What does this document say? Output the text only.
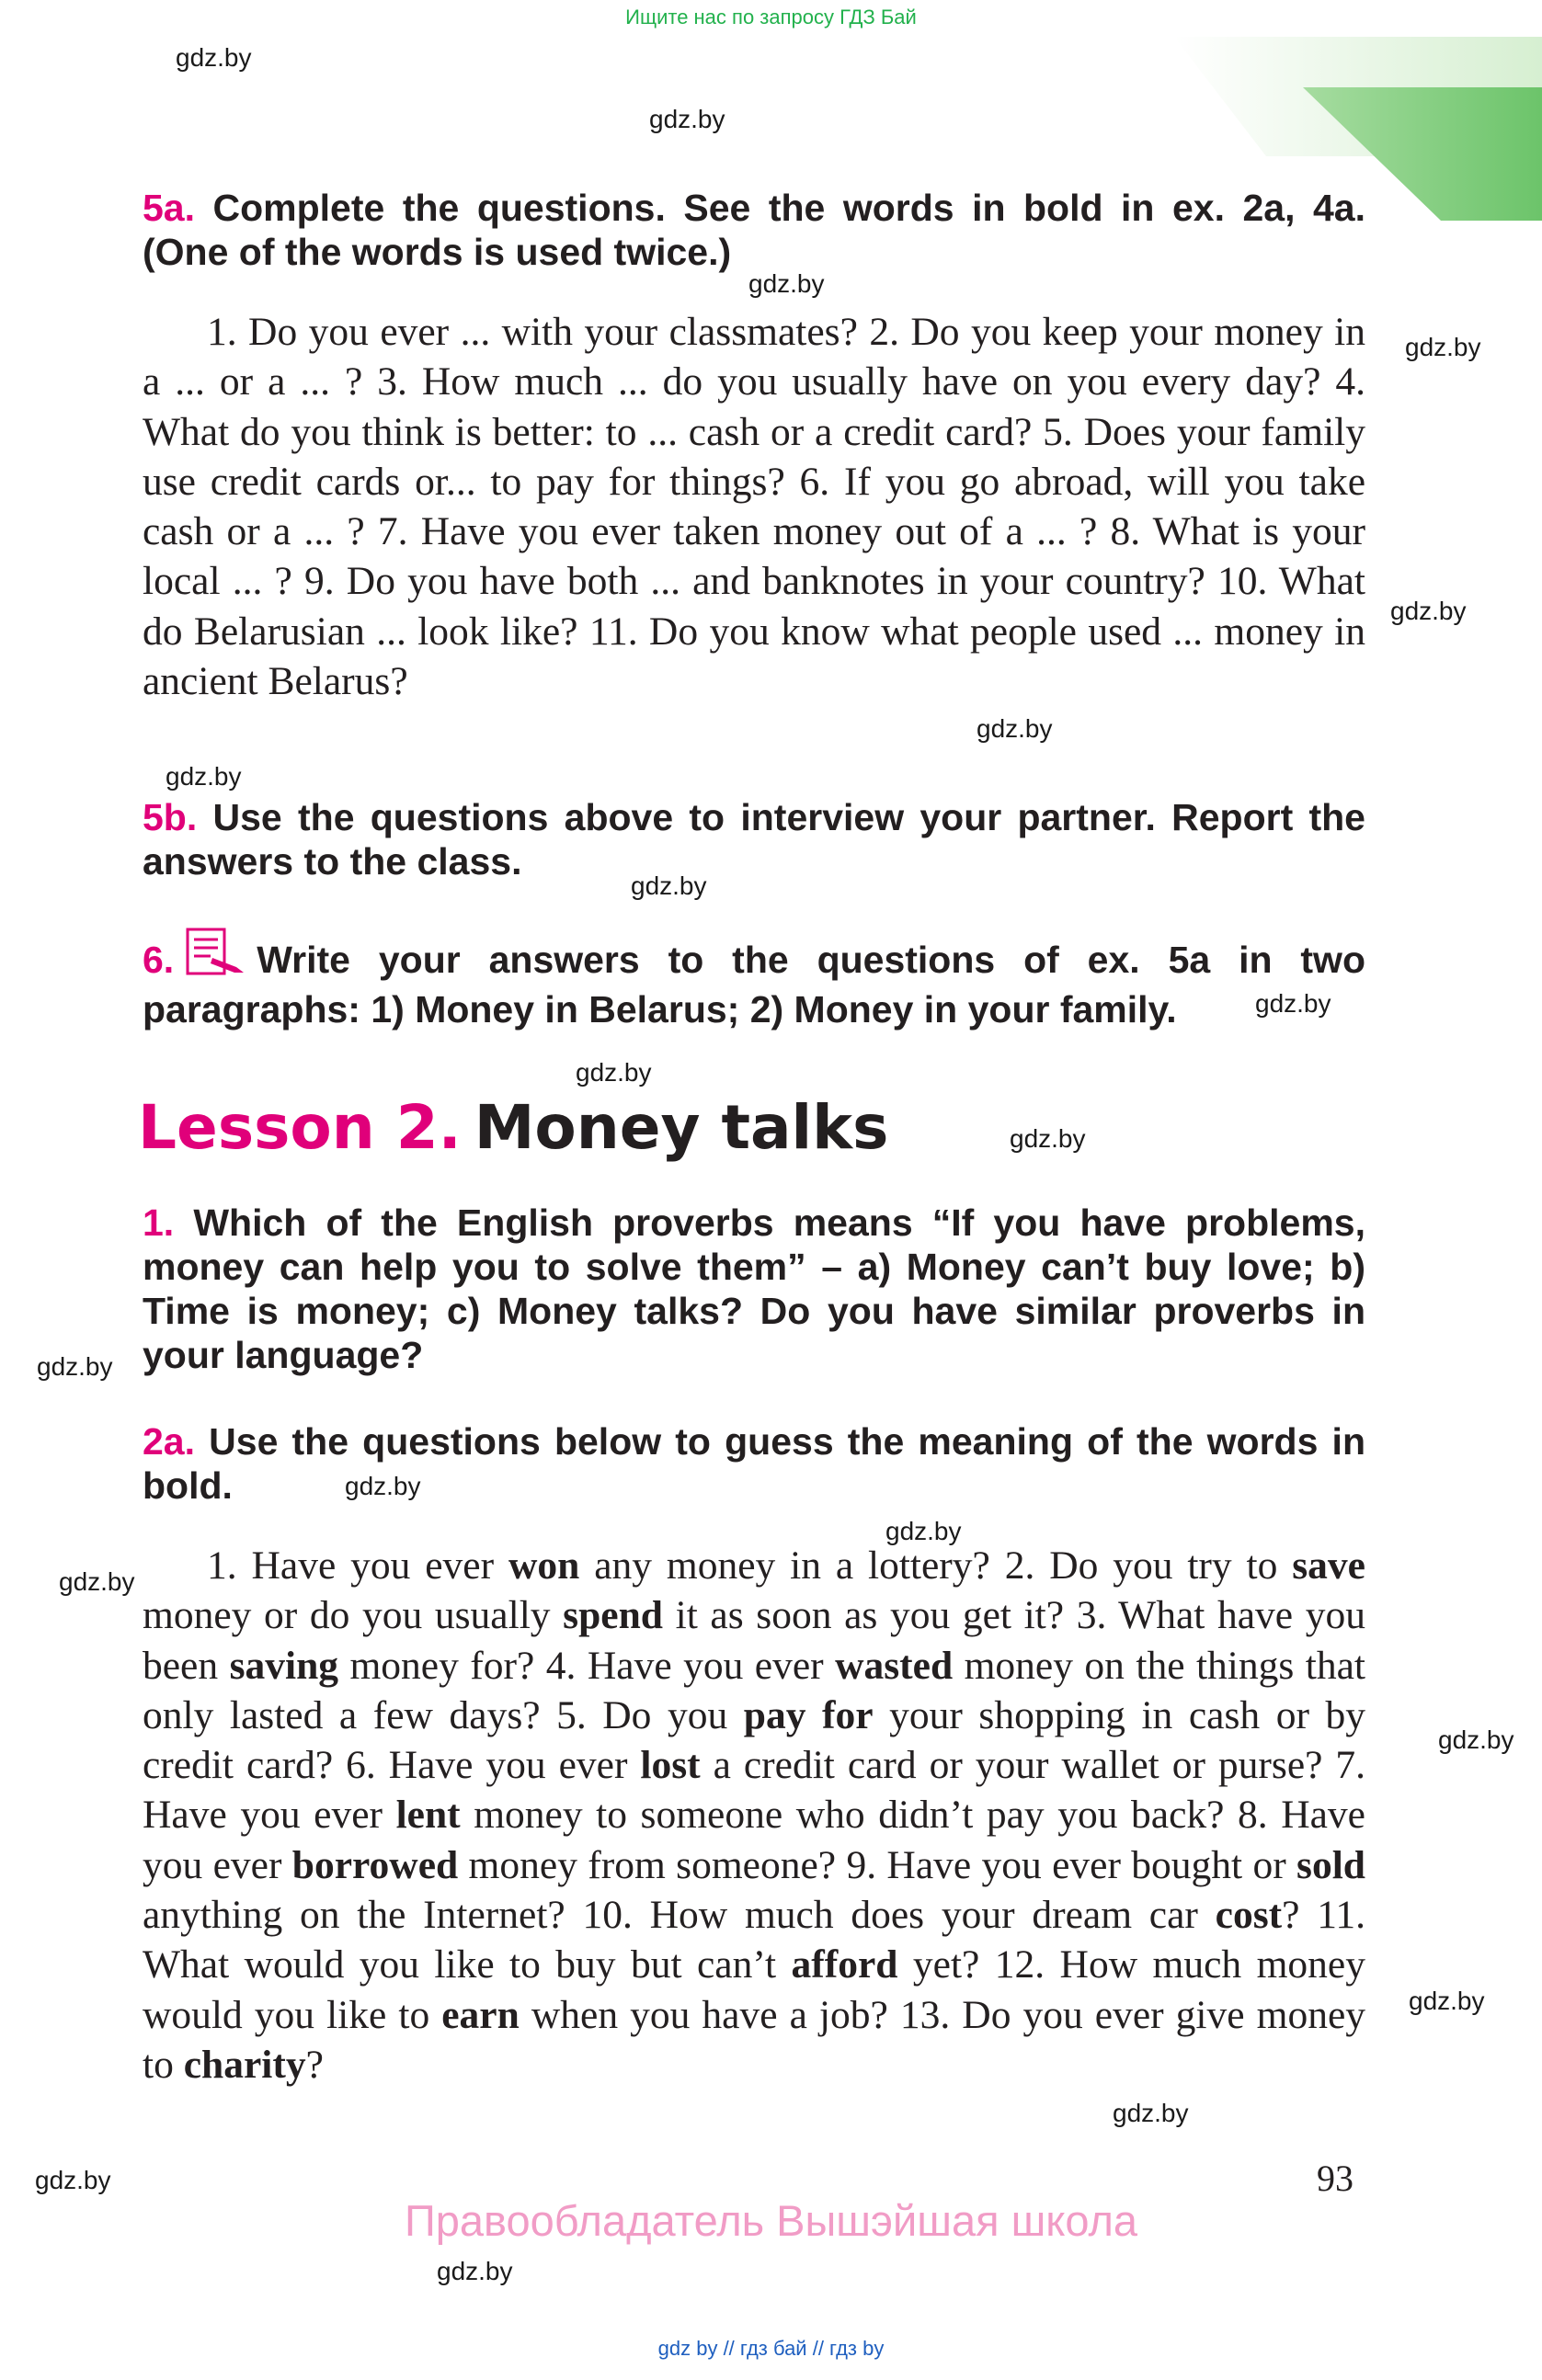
Ищите нас по запросу ГДЗ Бай
gdz.by
gdz.by
gdz.by
gdz.by
gdz.by
gdz.by
gdz.by
gdz.by
gdz.by
gdz.by
gdz.by
gdz.by
gdz.by
gdz.by
gdz.by
gdz.by
gdz.by
gdz.by
gdz.by
gdz.by
5a. Complete the questions. See the words in bold in ex. 2a, 4a. (One of the words is used twice.)
1. Do you ever ... with your classmates? 2. Do you keep your money in a ... or a ... ? 3. How much ... do you usually have on you every day? 4. What do you think is better: to ... cash or a credit card? 5. Does your family use credit cards or... to pay for things? 6. If you go abroad, will you take cash or a ... ? 7. Have you ever taken money out of a ... ? 8. What is your local ... ? 9. Do you have both ... and banknotes in your country? 10. What do Belarusian ... look like? 11. Do you know what people used ... money in ancient Belarus?
5b. Use the questions above to interview your partner. Report the answers to the class.
6. Write your answers to the questions of ex. 5a in two paragraphs: 1) Money in Belarus; 2) Money in your family.
Lesson 2. Money talks
1. Which of the English proverbs means “If you have problems, money can help you to solve them” – a) Money can’t buy love; b) Time is money; c) Money talks? Do you have similar proverbs in your language?
2a. Use the questions below to guess the meaning of the words in bold.
1. Have you ever won any money in a lottery? 2. Do you try to save money or do you usually spend it as soon as you get it? 3. What have you been saving money for? 4. Have you ever wasted money on the things that only lasted a few days? 5. Do you pay for your shopping in cash or by credit card? 6. Have you ever lost a credit card or your wallet or purse? 7. Have you ever lent money to someone who didn’t pay you back? 8. Have you ever borrowed money from someone? 9. Have you ever bought or sold anything on the Internet? 10. How much does your dream car cost? 11. What would you like to buy but can’t afford yet? 12. How much money would you like to earn when you have a job? 13. Do you ever give money to charity?
93
Правообладатель Вышэйшая школа
gdz by // гдз бай // гдз by
